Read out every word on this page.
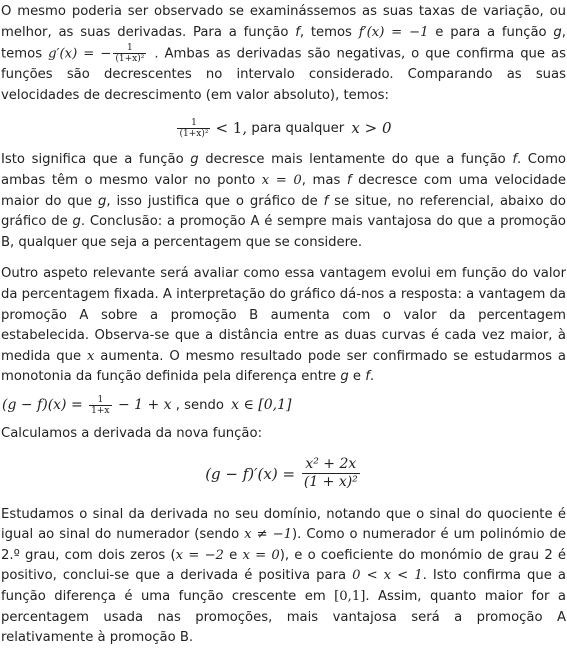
O mesmo poderia ser observado se examinássemos as suas taxas de variação, ou melhor, as suas derivadas. Para a função f, temos f′(x) = −1 e para a função g, temos g′(x) = − $\frac{1}{\text{(1+x)²}}$ . Ambas as derivadas são negativas, o que confirma que as funções são decrescentes no intervalo considerado. Comparando as suas velocidades de decrescimento (em valor absoluto), temos:

$\frac{1}{\text{(1+x)²}} < 1$, para qualquer x > 0

Isto significa que a função g decresce mais lentamente do que a função f. Como ambas têm o mesmo valor no ponto x = 0, mas f decresce com uma velocidade maior do que g, isso justifica que o gráfico de f se situe, no referencial, abaixo do gráfico de g. Conclusão: a promoção A é sempre mais vantajosa do que a promoção B, qualquer que seja a percentagem que se considere.

Outro aspeto relevante será avaliar como essa vantagem evolui em função do valor da percentagem fixada. A interpretação do gráfico dá-nos a resposta: a vantagem da promoção A sobre a promoção B aumenta com o valor da percentagem estabelecida. Observa-se que a distância entre as duas curvas é cada vez maior, à medida que x aumenta. O mesmo resultado pode ser confirmado se estudarmos a monotonia da função definida pela diferença entre g e f.

$(g - f)(x) = \frac{1}{1+x} - 1 + x$ , sendo x ∈ [0,1]

Calculamos a derivada da nova função:

$(g - f)'(x) = \frac{\text{x² + 2x}}{\text{(1 + x)²}}$

Estudamos o sinal da derivada no seu domínio, notando que o sinal do quociente é igual ao sinal do numerador (sendo x ≠ −1). Como o numerador é um polinómio de 2.º grau, com dois zeros (x = −2 e x = 0), e o coeficiente do monómio de grau 2 é positivo, conclui-se que a derivada é positiva para 0 < x < 1. Isto confirma que a função diferença é uma função crescente em [0,1]. Assim, quanto maior for a percentagem usada nas promoções, mais vantajosa será a promoção A relativamente à promoção B.
